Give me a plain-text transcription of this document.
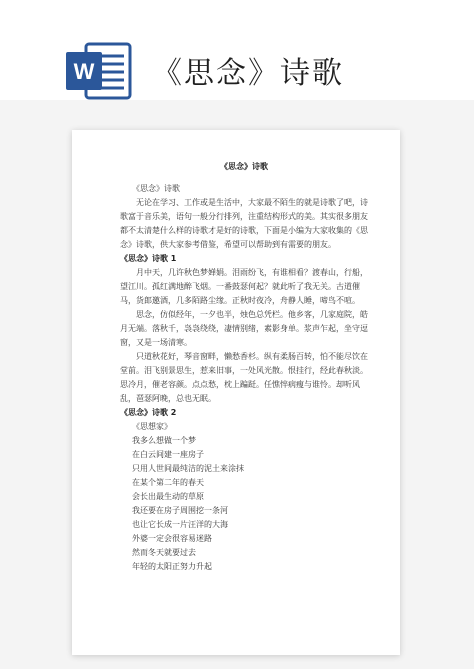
W 《思念》诗歌
《思念》诗歌

《思念》诗歌

无论在学习、工作或是生活中，大家最不陌生的就是诗歌了吧，诗歌富于音乐美，语句一般分行排列，注重结构形式的美。其实很多朋友都不太清楚什么样的诗歌才是好的诗歌，下面是小编为大家收集的《思念》诗歌，供大家参考借鉴，希望可以帮助到有需要的朋友。

《思念》诗歌 1

月中天，几许秋色梦婵娟。泪雨纷飞，有谁相看？渡春山，行船，望江川。孤红满地醉飞烟。一番鼓瑟何起？就此听了我无关。古道催马，货郎邀酒，几多陌路尘缘。正秋时夜冷，舟静人睡，啼鸟不喧。

思念，仿似经年，一夕也半，烛色总凭栏。他乡客，几家庭院，皓月无端。落秋千，袅袅绕绕，凄情别绪，素影身单。浆声乍起，坐守逗窗，又是一场清寒。

只道秋花好，琴音窗畔，懒愁香杉。纵有柔肠百转，怕不能尽饮在堂前。泪飞别景思生，惹来旧事，一处风光散。恨挂行，经此春秋淡。思冷月，催老容颜。点点愁，枕上蹁跹。任憔悴病瘦与谁怜。却听风乱，琶瑟阿晚，总也无眠。

《思念》诗歌 2

《思想家》

我多么想做一个梦

在白云间建一座房子

只用人世间最纯洁的泥土来涂抹

在某个第二年的春天

会长出最生动的草原

我还要在房子周围挖一条河

也让它长成一片汪洋的大海

外婆一定会很容易迷路

然而冬天就要过去

年轻的太阳正努力升起
